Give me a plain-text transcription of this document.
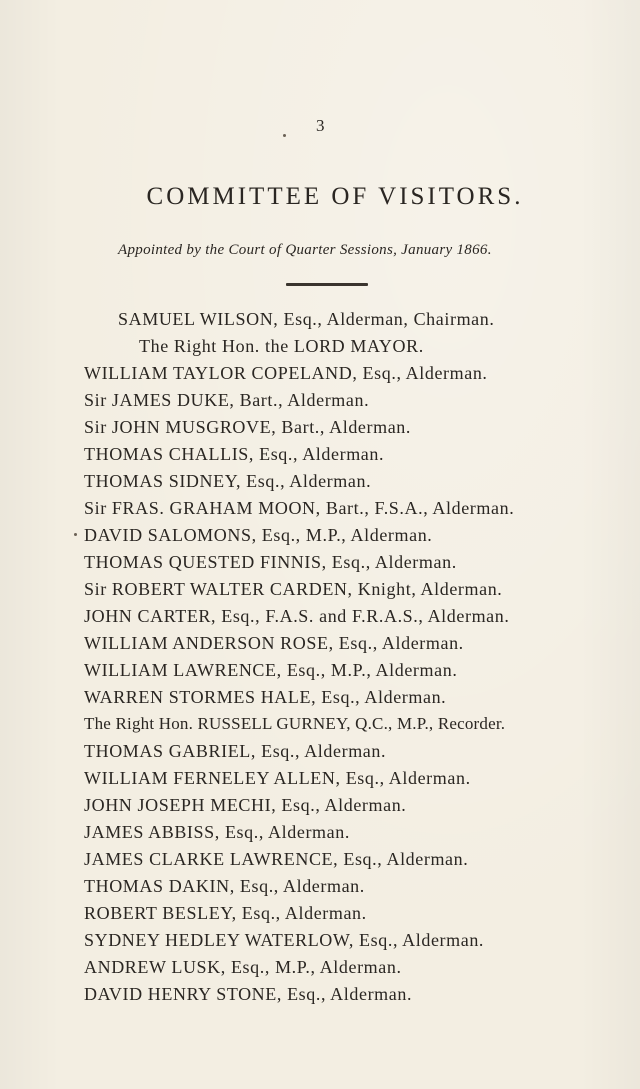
3
COMMITTEE OF VISITORS.
Appointed by the Court of Quarter Sessions, January 1866.
SAMUEL WILSON, Esq., Alderman, Chairman.
The Right Hon. the LORD MAYOR.
WILLIAM TAYLOR COPELAND, Esq., Alderman.
Sir JAMES DUKE, Bart., Alderman.
Sir JOHN MUSGROVE, Bart., Alderman.
THOMAS CHALLIS, Esq., Alderman.
THOMAS SIDNEY, Esq., Alderman.
Sir FRAS. GRAHAM MOON, Bart., F.S.A., Alderman.
DAVID SALOMONS, Esq., M.P., Alderman.
THOMAS QUESTED FINNIS, Esq., Alderman.
Sir ROBERT WALTER CARDEN, Knight, Alderman.
JOHN CARTER, Esq., F.A.S. and F.R.A.S., Alderman.
WILLIAM ANDERSON ROSE, Esq., Alderman.
WILLIAM LAWRENCE, Esq., M.P., Alderman.
WARREN STORMES HALE, Esq., Alderman.
The Right Hon. RUSSELL GURNEY, Q.C., M.P., Recorder.
THOMAS GABRIEL, Esq., Alderman.
WILLIAM FERNELEY ALLEN, Esq., Alderman.
JOHN JOSEPH MECHI, Esq., Alderman.
JAMES ABBISS, Esq., Alderman.
JAMES CLARKE LAWRENCE, Esq., Alderman.
THOMAS DAKIN, Esq., Alderman.
ROBERT BESLEY, Esq., Alderman.
SYDNEY HEDLEY WATERLOW, Esq., Alderman.
ANDREW LUSK, Esq., M.P., Alderman.
DAVID HENRY STONE, Esq., Alderman.
